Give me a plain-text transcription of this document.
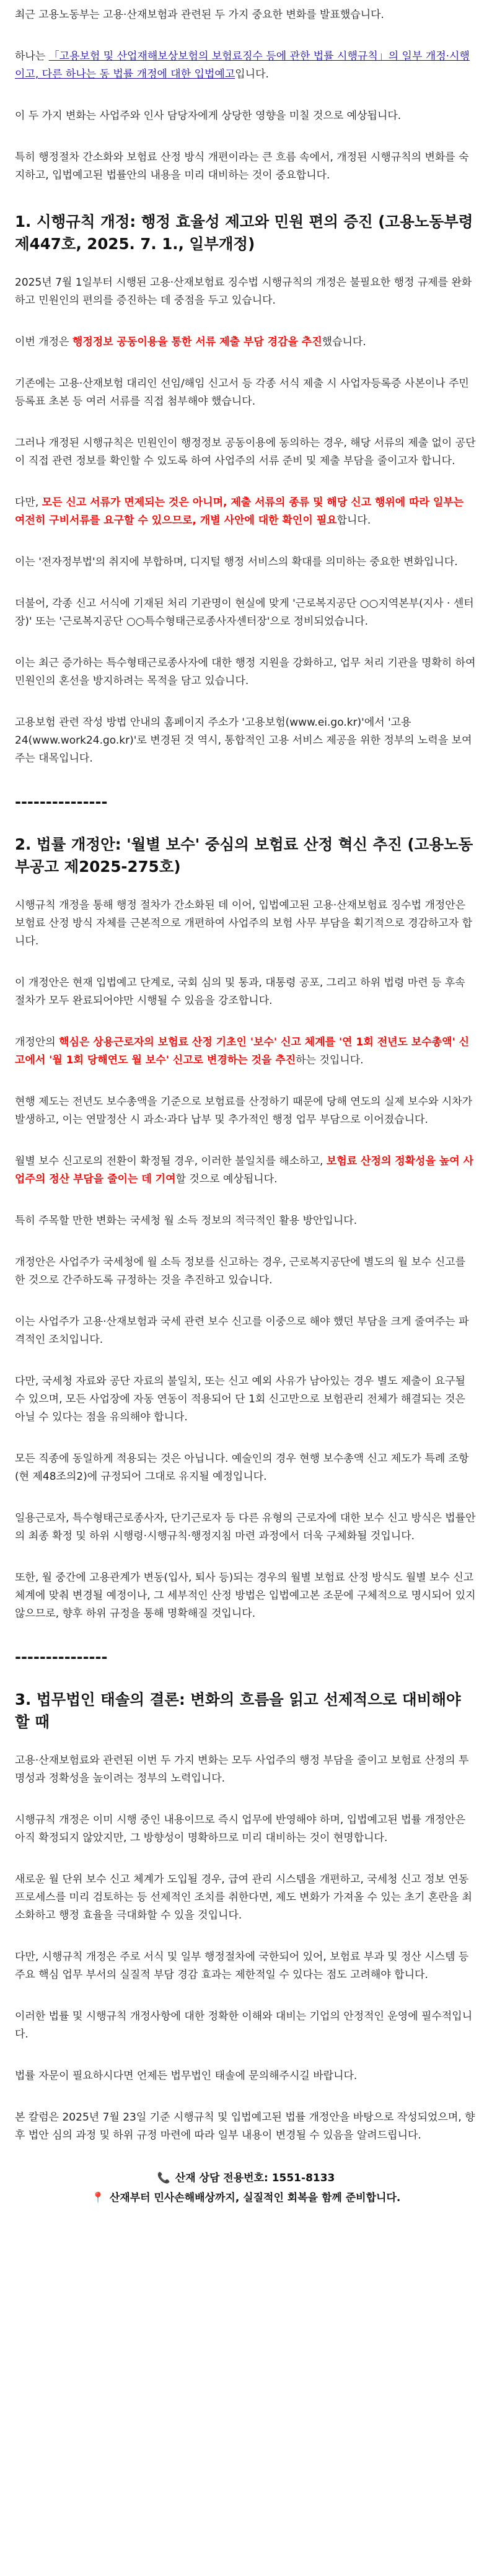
최근 고용노동부는 고용·산재보험과 관련된 두 가지 중요한 변화를 발표했습니다.

하나는 「고용보험 및 산업재해보상보험의 보험료징수 등에 관한 법률 시행규칙」의 일부 개정·시행이고, 다른 하나는 동 법률 개정에 대한 입법예고입니다.

이 두 가지 변화는 사업주와 인사 담당자에게 상당한 영향을 미칠 것으로 예상됩니다.

특히 행정절차 간소화와 보험료 산정 방식 개편이라는 큰 흐름 속에서, 개정된 시행규칙의 변화를 숙지하고, 입법예고된 법률안의 내용을 미리 대비하는 것이 중요합니다.

1. 시행규칙 개정: 행정 효율성 제고와 민원 편의 증진 (고용노동부령 제447호, 2025. 7. 1., 일부개정)

2025년 7월 1일부터 시행된 고용·산재보험료 징수법 시행규칙의 개정은 불필요한 행정 규제를 완화하고 민원인의 편의를 증진하는 데 중점을 두고 있습니다.

이번 개정은 행정정보 공동이용을 통한 서류 제출 부담 경감을 추진했습니다.

기존에는 고용·산재보험 대리인 선임/해임 신고서 등 각종 서식 제출 시 사업자등록증 사본이나 주민등록표 초본 등 여러 서류를 직접 첨부해야 했습니다.

그러나 개정된 시행규칙은 민원인이 행정정보 공동이용에 동의하는 경우, 해당 서류의 제출 없이 공단이 직접 관련 정보를 확인할 수 있도록 하여 사업주의 서류 준비 및 제출 부담을 줄이고자 합니다.

다만, 모든 신고 서류가 면제되는 것은 아니며, 제출 서류의 종류 및 해당 신고 행위에 따라 일부는 여전히 구비서류를 요구할 수 있으므로, 개별 사안에 대한 확인이 필요합니다.

이는 '전자정부법'의 취지에 부합하며, 디지털 행정 서비스의 확대를 의미하는 중요한 변화입니다.

더불어, 각종 신고 서식에 기재된 처리 기관명이 현실에 맞게 '근로복지공단 ○○지역본부(지사 · 센터장)' 또는 '근로복지공단 ○○특수형태근로종사자센터장'으로 정비되었습니다.

이는 최근 증가하는 특수형태근로종사자에 대한 행정 지원을 강화하고, 업무 처리 기관을 명확히 하여 민원인의 혼선을 방지하려는 목적을 담고 있습니다.

고용보험 관련 작성 방법 안내의 홈페이지 주소가 '고용보험(www.ei.go.kr)'에서 '고용24(www.work24.go.kr)'로 변경된 것 역시, 통합적인 고용 서비스 제공을 위한 정부의 노력을 보여주는 대목입니다.

---------------
2. 법률 개정안: '월별 보수' 중심의 보험료 산정 혁신 추진 (고용노동부공고 제2025-275호)

시행규칙 개정을 통해 행정 절차가 간소화된 데 이어, 입법예고된 고용·산재보험료 징수법 개정안은 보험료 산정 방식 자체를 근본적으로 개편하여 사업주의 보험 사무 부담을 획기적으로 경감하고자 합니다.

이 개정안은 현재 입법예고 단계로, 국회 심의 및 통과, 대통령 공포, 그리고 하위 법령 마련 등 후속 절차가 모두 완료되어야만 시행될 수 있음을 강조합니다.

개정안의 핵심은 상용근로자의 보험료 산정 기초인 '보수' 신고 체계를 '연 1회 전년도 보수총액' 신고에서 '월 1회 당해연도 월 보수' 신고로 변경하는 것을 추진하는 것입니다.

현행 제도는 전년도 보수총액을 기준으로 보험료를 산정하기 때문에 당해 연도의 실제 보수와 시차가 발생하고, 이는 연말정산 시 과소·과다 납부 및 추가적인 행정 업무 부담으로 이어졌습니다.

월별 보수 신고로의 전환이 확정될 경우, 이러한 불일치를 해소하고, 보험료 산정의 정확성을 높여 사업주의 정산 부담을 줄이는 데 기여할 것으로 예상됩니다.

특히 주목할 만한 변화는 국세청 월 소득 정보의 적극적인 활용 방안입니다.

개정안은 사업주가 국세청에 월 소득 정보를 신고하는 경우, 근로복지공단에 별도의 월 보수 신고를 한 것으로 간주하도록 규정하는 것을 추진하고 있습니다.

이는 사업주가 고용·산재보험과 국세 관련 보수 신고를 이중으로 해야 했던 부담을 크게 줄여주는 파격적인 조치입니다.

다만, 국세청 자료와 공단 자료의 불일치, 또는 신고 예외 사유가 남아있는 경우 별도 제출이 요구될 수 있으며, 모든 사업장에 자동 연동이 적용되어 단 1회 신고만으로 보험관리 전체가 해결되는 것은 아닐 수 있다는 점을 유의해야 합니다.

모든 직종에 동일하게 적용되는 것은 아닙니다. 예술인의 경우 현행 보수총액 신고 제도가 특례 조항(현 제48조의2)에 규정되어 그대로 유지될 예정입니다.

일용근로자, 특수형태근로종사자, 단기근로자 등 다른 유형의 근로자에 대한 보수 신고 방식은 법률안의 최종 확정 및 하위 시행령·시행규칙·행정지침 마련 과정에서 더욱 구체화될 것입니다.

또한, 월 중간에 고용관계가 변동(입사, 퇴사 등)되는 경우의 월별 보험료 산정 방식도 월별 보수 신고 체계에 맞춰 변경될 예정이나, 그 세부적인 산정 방법은 입법예고본 조문에 구체적으로 명시되어 있지 않으므로, 향후 하위 규정을 통해 명확해질 것입니다.

---------------
3. 법무법인 태솔의 결론: 변화의 흐름을 읽고 선제적으로 대비해야 할 때

고용·산재보험료와 관련된 이번 두 가지 변화는 모두 사업주의 행정 부담을 줄이고 보험료 산정의 투명성과 정확성을 높이려는 정부의 노력입니다.

시행규칙 개정은 이미 시행 중인 내용이므로 즉시 업무에 반영해야 하며, 입법예고된 법률 개정안은 아직 확정되지 않았지만, 그 방향성이 명확하므로 미리 대비하는 것이 현명합니다.

새로운 월 단위 보수 신고 체계가 도입될 경우, 급여 관리 시스템을 개편하고, 국세청 신고 정보 연동 프로세스를 미리 검토하는 등 선제적인 조치를 취한다면, 제도 변화가 가져올 수 있는 초기 혼란을 최소화하고 행정 효율을 극대화할 수 있을 것입니다.

다만, 시행규칙 개정은 주로 서식 및 일부 행정절차에 국한되어 있어, 보험료 부과 및 정산 시스템 등 주요 핵심 업무 부서의 실질적 부담 경감 효과는 제한적일 수 있다는 점도 고려해야 합니다.

이러한 법률 및 시행규칙 개정사항에 대한 정확한 이해와 대비는 기업의 안정적인 운영에 필수적입니다.

법률 자문이 필요하시다면 언제든 법무법인 태솔에 문의해주시길 바랍니다.

본 칼럼은 2025년 7월 23일 기준 시행규칙 및 입법예고된 법률 개정안을 바탕으로 작성되었으며, 향후 법안 심의 과정 및 하위 규정 마련에 따라 일부 내용이 변경될 수 있음을 알려드립니다.

📞 산재 상담 전용번호: 1551-8133
📍 산재부터 민사손해배상까지, 실질적인 회복을 함께 준비합니다.
